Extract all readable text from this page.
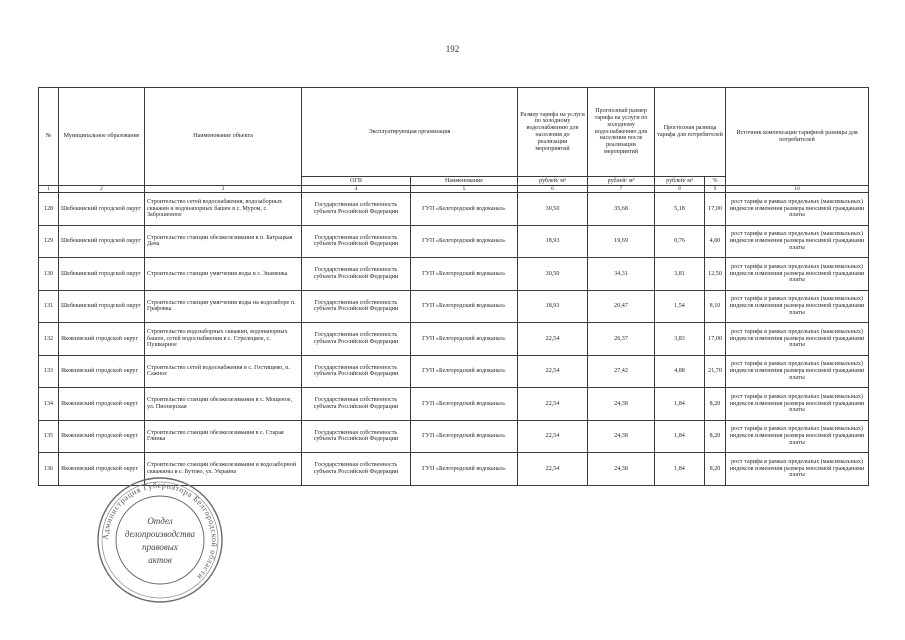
192
№	Муниципальное образование	Наименование объекта	Эксплуатирующая организация		Размер тарифа на услуги по холодному водоснабжению для населения до реализации мероприятий	Прогнозный размер тарифа на услуги по холодному водоснабжению для населения после реализации мероприятий	Прогнозная разница тарифа для потребителей		Источник компенсации тарифной разницы для потребителей
			ОГВ	Наименование	рублей/ м³	рублей/ м³	рублей/ м³	%	
1	2	3	4	5	6	7	8	9	10
128	Шебекинский городской округ	Строительство сетей водоснабжения, водозаборных скважин и водонапорных башен в с. Муром, с. Заброшенное	Государственная собственность субъекта Российской Федерации	ГУП «Белгородский водоканал»	30,50	35,68	5,18	17,00	рост тарифа в рамках предельных (максимальных) индексов изменения размера вносимой гражданами платы
129	Шебекинский городской округ	Строительство станции обезжелезивания в п. Батрацкая Дача	Государственная собственность субъекта Российской Федерации	ГУП «Белгородский водоканал»	18,93	19,69	0,76	4,00	рост тарифа в рамках предельных (максимальных) индексов изменения размера вносимой гражданами платы
130	Шебекинский городской округ	Строительство станции умягчения воды в с. Знаменка	Государственная собственность субъекта Российской Федерации	ГУП «Белгородский водоканал»	30,50	34,31	3,81	12,50	рост тарифа в рамках предельных (максимальных) индексов изменения размера вносимой гражданами платы
131	Шебекинский городской округ	Строительство станции умягчения воды на водозаборе п. Графовка	Государственная собственность субъекта Российской Федерации	ГУП «Белгородский водоканал»	18,93	20,47	1,54	8,10	рост тарифа в рамках предельных (максимальных) индексов изменения размера вносимой гражданами платы
132	Яковлевский городской округ	Строительство водозаборных скважин, водонапорных башен, сетей водоснабжения в с. Стрелецкое, с. Пушкарное	Государственная собственность субъекта Российской Федерации	ГУП «Белгородский водоканал»	22,54	26,37	3,83	17,00	рост тарифа в рамках предельных (максимальных) индексов изменения размера вносимой гражданами платы
133	Яковлевский городской округ	Строительство сетей водоснабжения в с. Гостищево, п. Сажное	Государственная собственность субъекта Российской Федерации	ГУП «Белгородский водоканал»	22,54	27,42	4,88	21,70	рост тарифа в рамках предельных (максимальных) индексов изменения размера вносимой гражданами платы
134	Яковлевский городской округ	Строительство станции обезжелезивания в с. Мощеное, ул. Пионерская	Государственная собственность субъекта Российской Федерации	ГУП «Белгородский водоканал»	22,54	24,38	1,84	8,20	рост тарифа в рамках предельных (максимальных) индексов изменения размера вносимой гражданами платы
135	Яковлевский городской округ	Строительство станции обезжелезивания в с. Старая Глинка	Государственная собственность субъекта Российской Федерации	ГУП «Белгородский водоканал»	22,54	24,38	1,84	8,20	рост тарифа в рамках предельных (максимальных) индексов изменения размера вносимой гражданами платы
136	Яковлевский городской округ	Строительство станции обезжелезивания и водозаборной скважины в с. Бутово, ул. Украина	Государственная собственность субъекта Российской Федерации	ГУП «Белгородский водоканал»	22,54	24,38	1,84	8,20	рост тарифа в рамках предельных (максимальных) индексов изменения размера вносимой гражданами платы
Администрация Губернатора Белгородской области
Отдел
делопроизводства
правовых
актов
